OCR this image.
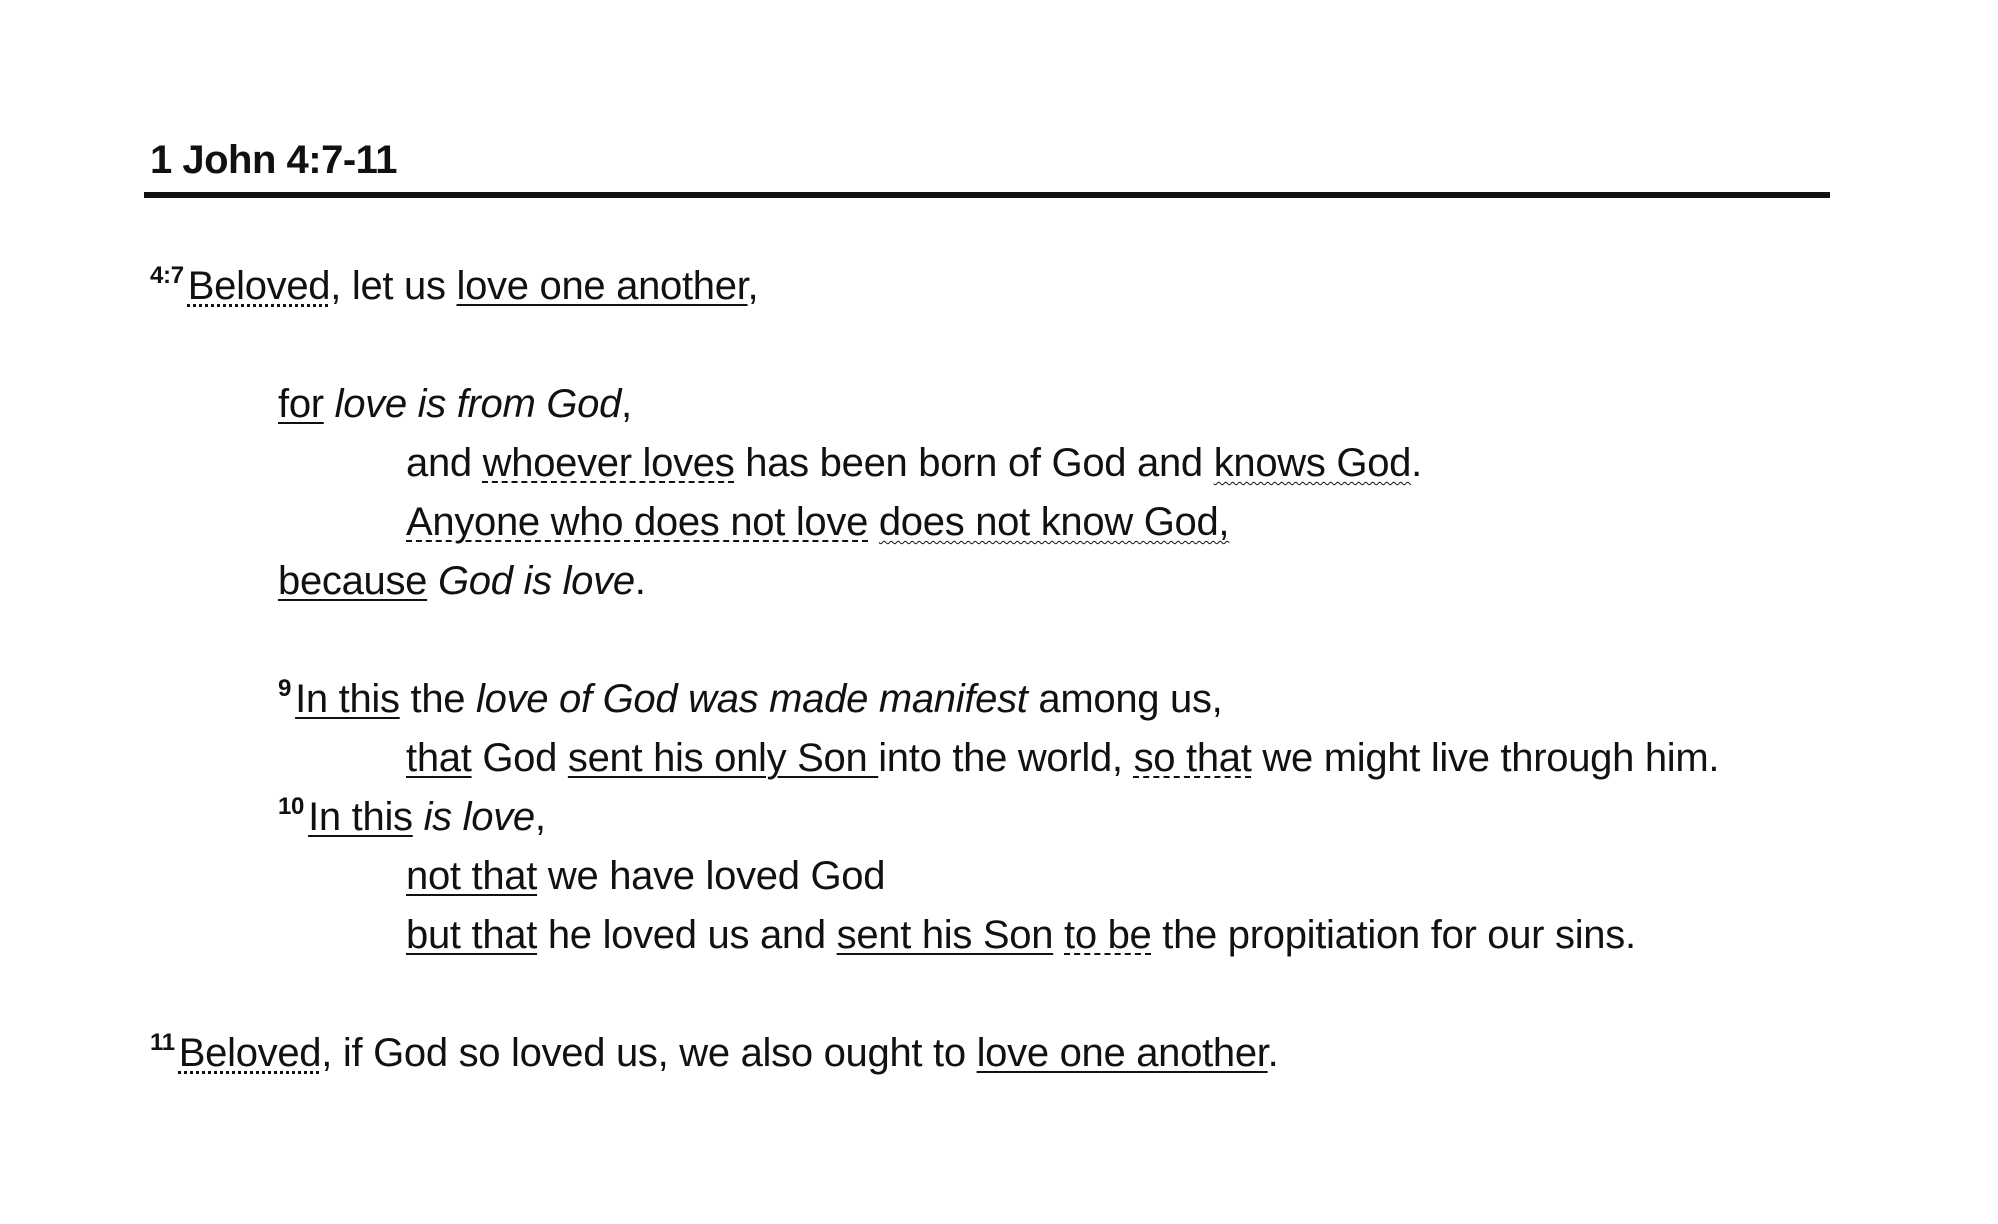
1 John 4:7-11
$^{4:7}$ Beloved, let us love one another,
for love is from God,
and whoever loves has been born of God and knows God.
Anyone who does not love does not know God,
because God is love.
$^9$ In this the love of God was made manifest among us,
that God sent his only Son into the world, so that we might live through him.
$^{10}$ In this is love,
not that we have loved God
but that he loved us and sent his Son to be the propitiation for our sins.
$^{11}$ Beloved, if God so loved us, we also ought to love one another.
